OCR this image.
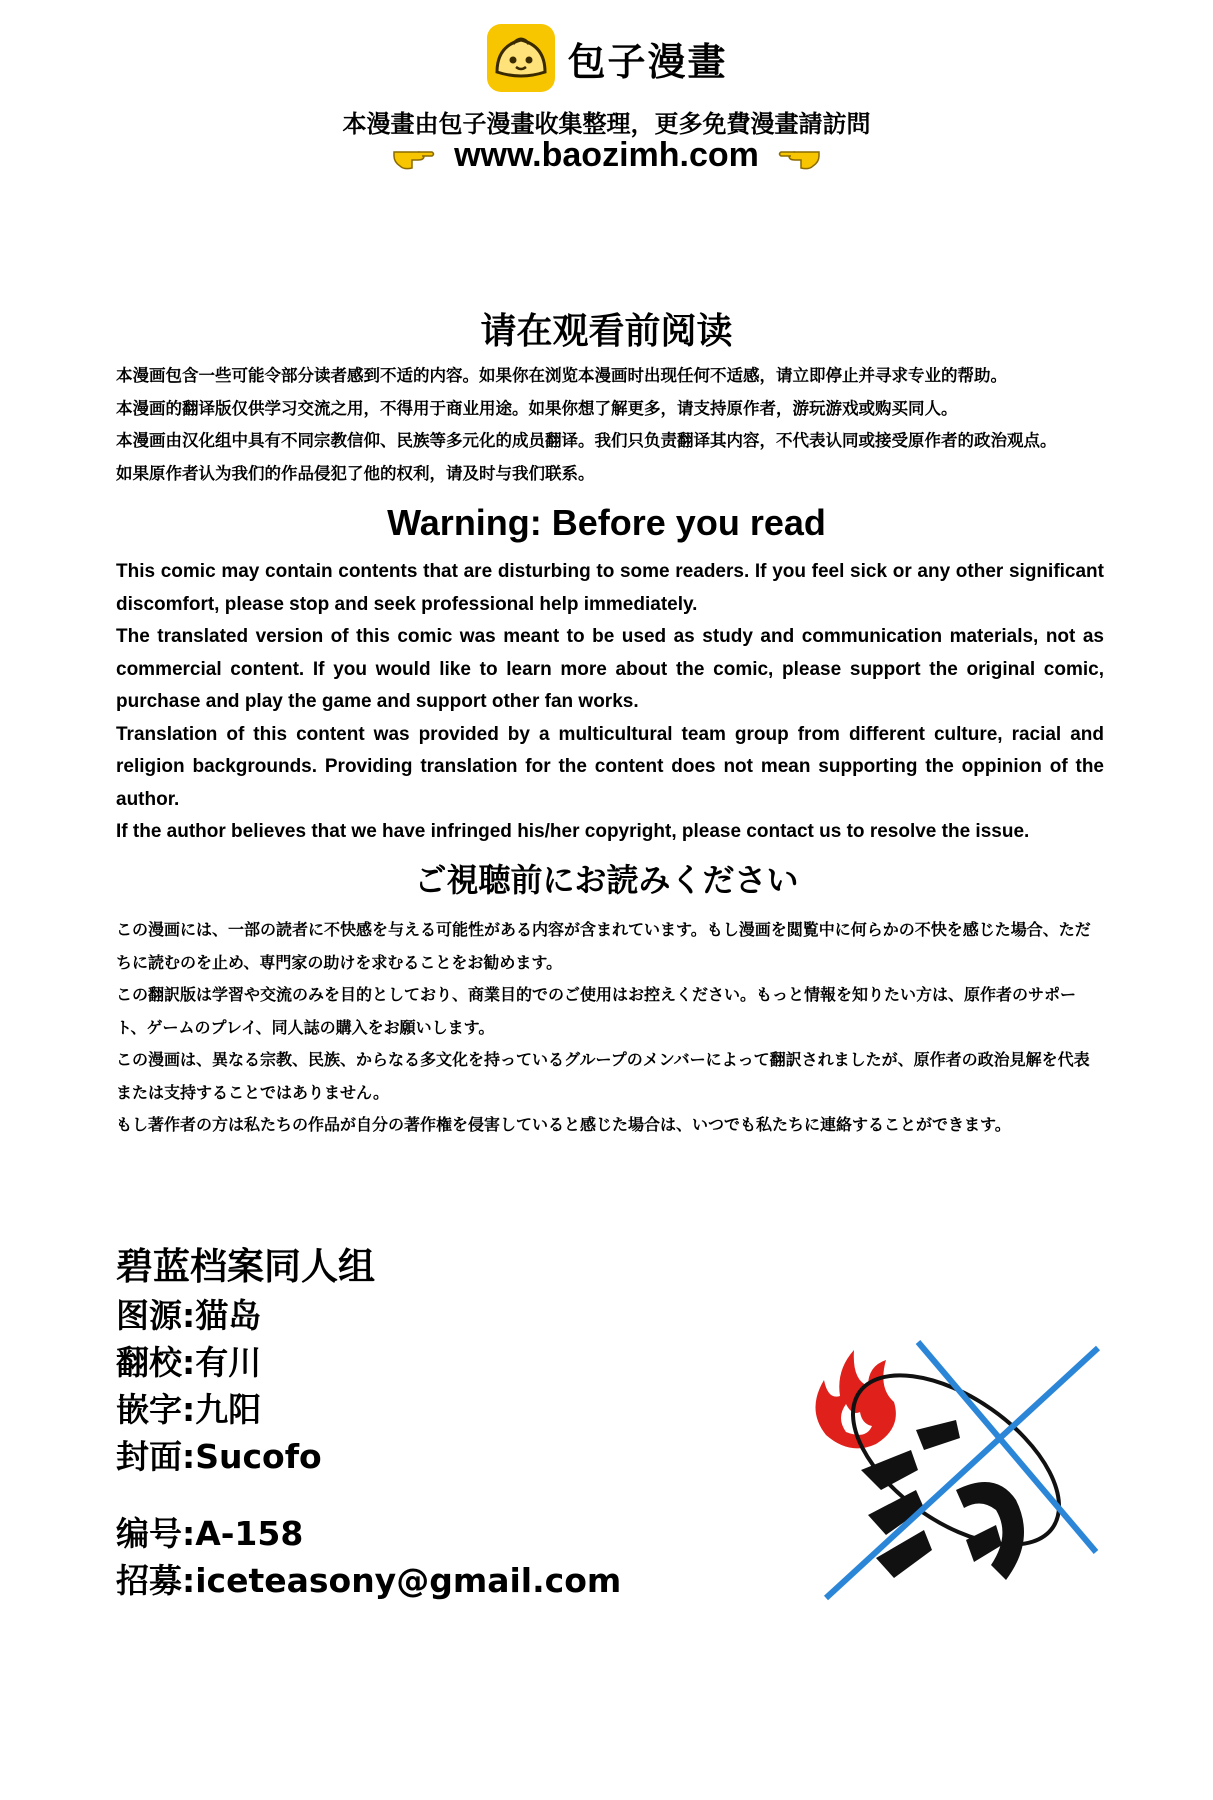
包子漫畫
本漫畫由包子漫畫收集整理，更多免費漫畫請訪問
www.baozimh.com
请在观看前阅读

本漫画包含一些可能令部分读者感到不适的内容。如果你在浏览本漫画时出现任何不适感，请立即停止并寻求专业的帮助。

本漫画的翻译版仅供学习交流之用，不得用于商业用途。如果你想了解更多，请支持原作者，游玩游戏或购买同人。

本漫画由汉化组中具有不同宗教信仰、民族等多元化的成员翻译。我们只负责翻译其内容，不代表认同或接受原作者的政治观点。

如果原作者认为我们的作品侵犯了他的权利，请及时与我们联系。

Warning: Before you read

This comic may contain contents that are disturbing to some readers. If you feel sick or any other significant discomfort, please stop and seek professional help immediately.

The translated version of this comic was meant to be used as study and communication materials, not as commercial content. If you would like to learn more about the comic, please support the original comic, purchase and play the game and support other fan works.

Translation of this content was provided by a multicultural team group from different culture, racial and religion backgrounds. Providing translation for the content does not mean supporting the oppinion of the author.

If the author believes that we have infringed his/her copyright, please contact us to resolve the issue.

ご視聴前にお読みください

この漫画には、一部の読者に不快感を与える可能性がある内容が含まれています。もし漫画を閲覧中に何らかの不快を感じた場合、ただちに読むのを止め、専門家の助けを求むることをお勧めます。

この翻訳版は学習や交流のみを目的としており、商業目的でのご使用はお控えください。もっと情報を知りたい方は、原作者のサポート、ゲームのプレイ、同人誌の購入をお願いします。

この漫画は、異なる宗教、民族、からなる多文化を持っているグループのメンバーによって翻訳されましたが、原作者の政治見解を代表または支持することではありません。

もし著作者の方は私たちの作品が自分の著作権を侵害していると感じた場合は、いつでも私たちに連絡することができます。

碧蓝档案同人组
图源:猫岛
翻校:有川
嵌字:九阳
封面:Sucofo
编号:A-158
招募:iceteasony@gmail.com
